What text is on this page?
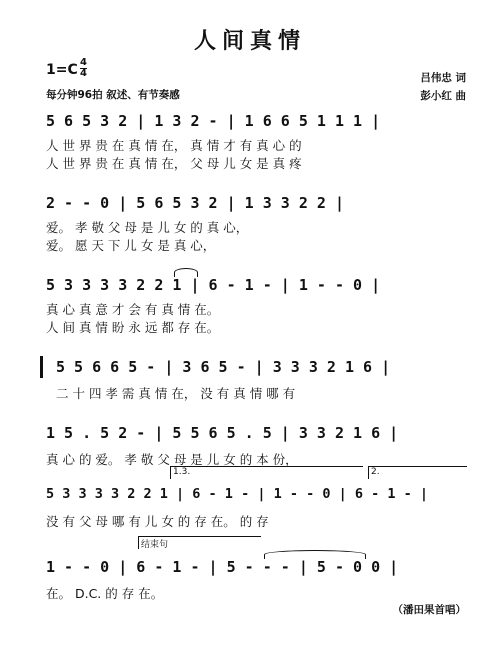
人间真情
1=C 4
4
每分钟96拍 叙述、有节奏感
吕伟忠 词
彭小红 曲
5 6 5 3 2 | 1 3 2 - | 1 6 6 5 1 1 1 |
人 世 界 贵 在 真 情 在， 真 情 才 有 真 心 的
人 世 界 贵 在 真 情 在， 父 母 儿 女 是 真 疼
2 - - 0 | 5 6 5 3 2 | 1 3 3 2 2 |
爱。 孝 敬 父 母 是 儿 女 的 真 心，
爱。 愿 天 下 儿 女 是 真 心，
5 3 3 3 3 2 2 1 | 6 - 1 - | 1 - - 0 |
真 心 真 意 才 会 有 真 情 在。
人 间 真 情 盼 永 远 都 存 在。
5 5 6 6 5 - | 3 6 5 - | 3 3 3 2 1 6 |
二 十 四 孝 需 真 情 在， 没 有 真 情 哪 有
1 5 . 5 2 - | 5 5 6 5 . 5 | 3 3 2 1 6 |
真 心 的 爱。 孝 敬 父 母 是 儿 女 的 本 份，
1.3.	2.
5 3 3 3 3 2 2 1 | 6 - 1 - | 1 - - 0 | 6 - 1 - |
没 有 父 母 哪 有 儿 女 的 存 在。 的 存
结束句
1 - - 0 | 6 - 1 - | 5 - - - | 5 - 0 0 |
在。 D.C. 的 存 在。
（潘田果首唱）
